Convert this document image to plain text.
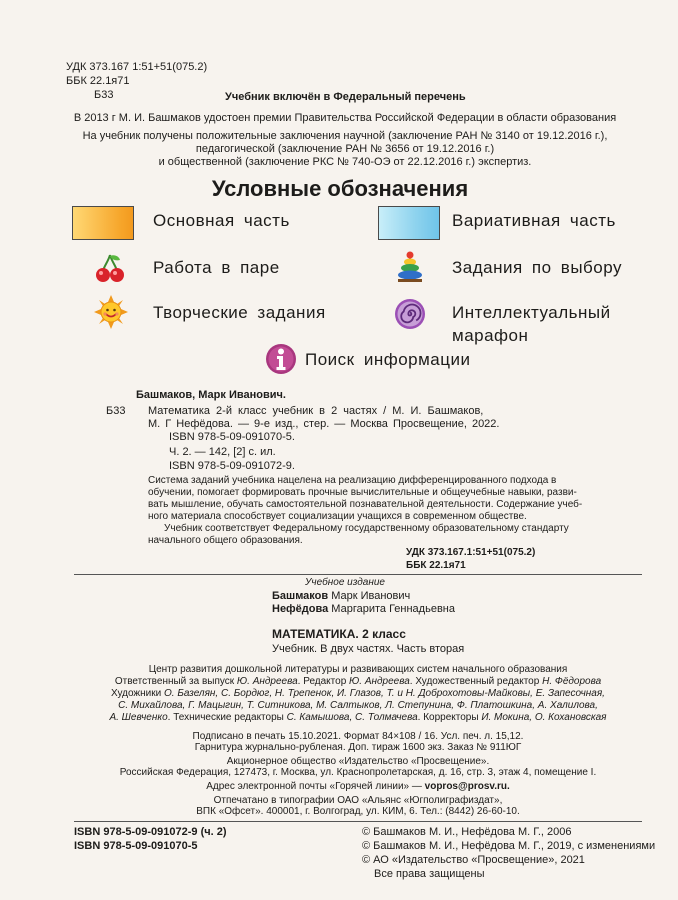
УДК 373.167 1:51+51(075.2)
ББК 22.1я71
Б33	Учебник включён в Федеральный перечень
В 2013 г М. И. Башмаков удостоен премии Правительства Российской Федерации в области образования
На учебник получены положительные заключения научной (заключение РАН № 3140 от 19.12.2016 г.),
педагогической (заключение РАН № 3656 от 19.12.2016 г.)
и общественной (заключение РКС № 740-ОЭ от 22.12.2016 г.) экспертиз.
Условные обозначения
Основная часть	Вариативная часть
Работа в паре	Задания по выбору
Творческие задания	Интеллектуальный
марафон
Поиск информации
Башмаков, Марк Иванович.
Б33 Математика 2-й класс учебник в 2 частях / М. И. Башмаков,
М. Г Нефёдова. — 9-е изд., стер. — Москва Просвещение, 2022.
ISBN 978-5-09-091070-5.
Ч. 2. — 142, [2] с. ил.
ISBN 978-5-09-091072-9.
Система заданий учебника нацелена на реализацию дифференцированного подхода в
обучении, помогает формировать прочные вычислительные и общеучебные навыки, разви-
вать мышление, обучать самостоятельной познавательной деятельности. Содержание учеб-
ного материала способствует социализации учащихся в современном обществе.
Учебник соответствует Федеральному государственному образовательному стандарту
начального общего образования.
УДК 373.167.1:51+51(075.2)
ББК 22.1я71
Учебное издание
Башмаков Марк Иванович
Нефёдова Маргарита Геннадьевна
МАТЕМАТИКА. 2 класс
Учебник. В двух частях. Часть вторая
Центр развития дошкольной литературы и развивающих систем начального образования
Ответственный за выпуск Ю. Андреева. Редактор Ю. Андреева. Художественный редактор Н. Фёдорова
Художники О. Базелян, С. Бордюг, Н. Трепенок, И. Глазов, Т. и Н. Доброхотовы-Майковы, Е. Запесочная,
С. Михайлова, Г. Мацыгин, Т. Ситникова, М. Салтыков, Л. Степунина, Ф. Платошкина, А. Халилова,
А. Шевченко. Технические редакторы С. Камышова, С. Толмачева. Корректоры И. Мокина, О. Кохановская
Подписано в печать 15.10.2021. Формат 84×108 / 16. Усл. печ. л. 15,12.
Гарнитура журнально-рубленая. Доп. тираж 1600 экз. Заказ № 911ЮГ
Акционерное общество «Издательство «Просвещение».
Российская Федерация, 127473, г. Москва, ул. Краснопролетарская, д. 16, стр. 3, этаж 4, помещение I.
Адрес электронной почты «Горячей линии» — vopros@prosv.ru.
Отпечатано в типографии ОАО «Альянс «Югполиграфиздат»,
ВПК «Офсет». 400001, г. Волгоград, ул. КИМ, 6. Тел.: (8442) 26-60-10.
ISBN 978-5-09-091072-9 (ч. 2)
ISBN 978-5-09-091070-5
© Башмаков М. И., Нефёдова М. Г., 2006
© Башмаков М. И., Нефёдова М. Г., 2019, с изменениями
© АО «Издательство «Просвещение», 2021
Все права защищены
